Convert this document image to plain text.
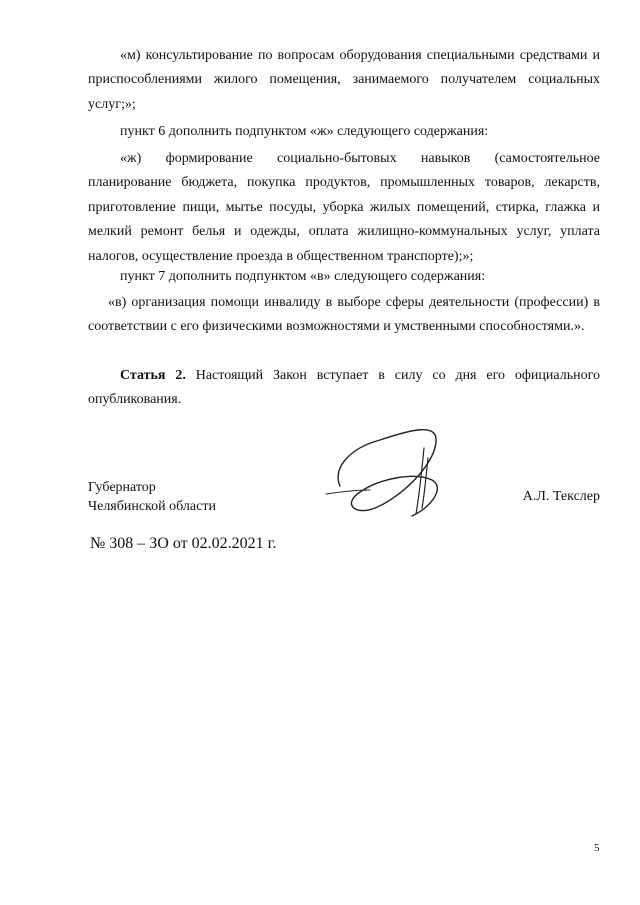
«м) консультирование по вопросам оборудования специальными средствами и
приспособлениями жилого помещения, занимаемого получателем социальных
услуг;»;
пункт 6 дополнить подпунктом «ж» следующего содержания:
«ж) формирование социально-бытовых навыков (самостоятельное
планирование бюджета, покупка продуктов, промышленных товаров, лекарств,
приготовление пищи, мытье посуды, уборка жилых помещений, стирка, глажка и
мелкий ремонт белья и одежды, оплата жилищно-коммунальных услуг, уплата
налогов, осуществление проезда в общественном транспорте);»;
пункт 7 дополнить подпунктом «в» следующего содержания:
«в) организация помощи инвалиду в выборе сферы деятельности (профессии) в
соответствии с его физическими возможностями и умственными способностями.».
Статья 2. Настоящий Закон вступает в силу со дня его официального
опубликования.
Губернатор
Челябинской области
А.Л. Текслер
№ 308 – ЗО от 02.02.2021 г.
5
